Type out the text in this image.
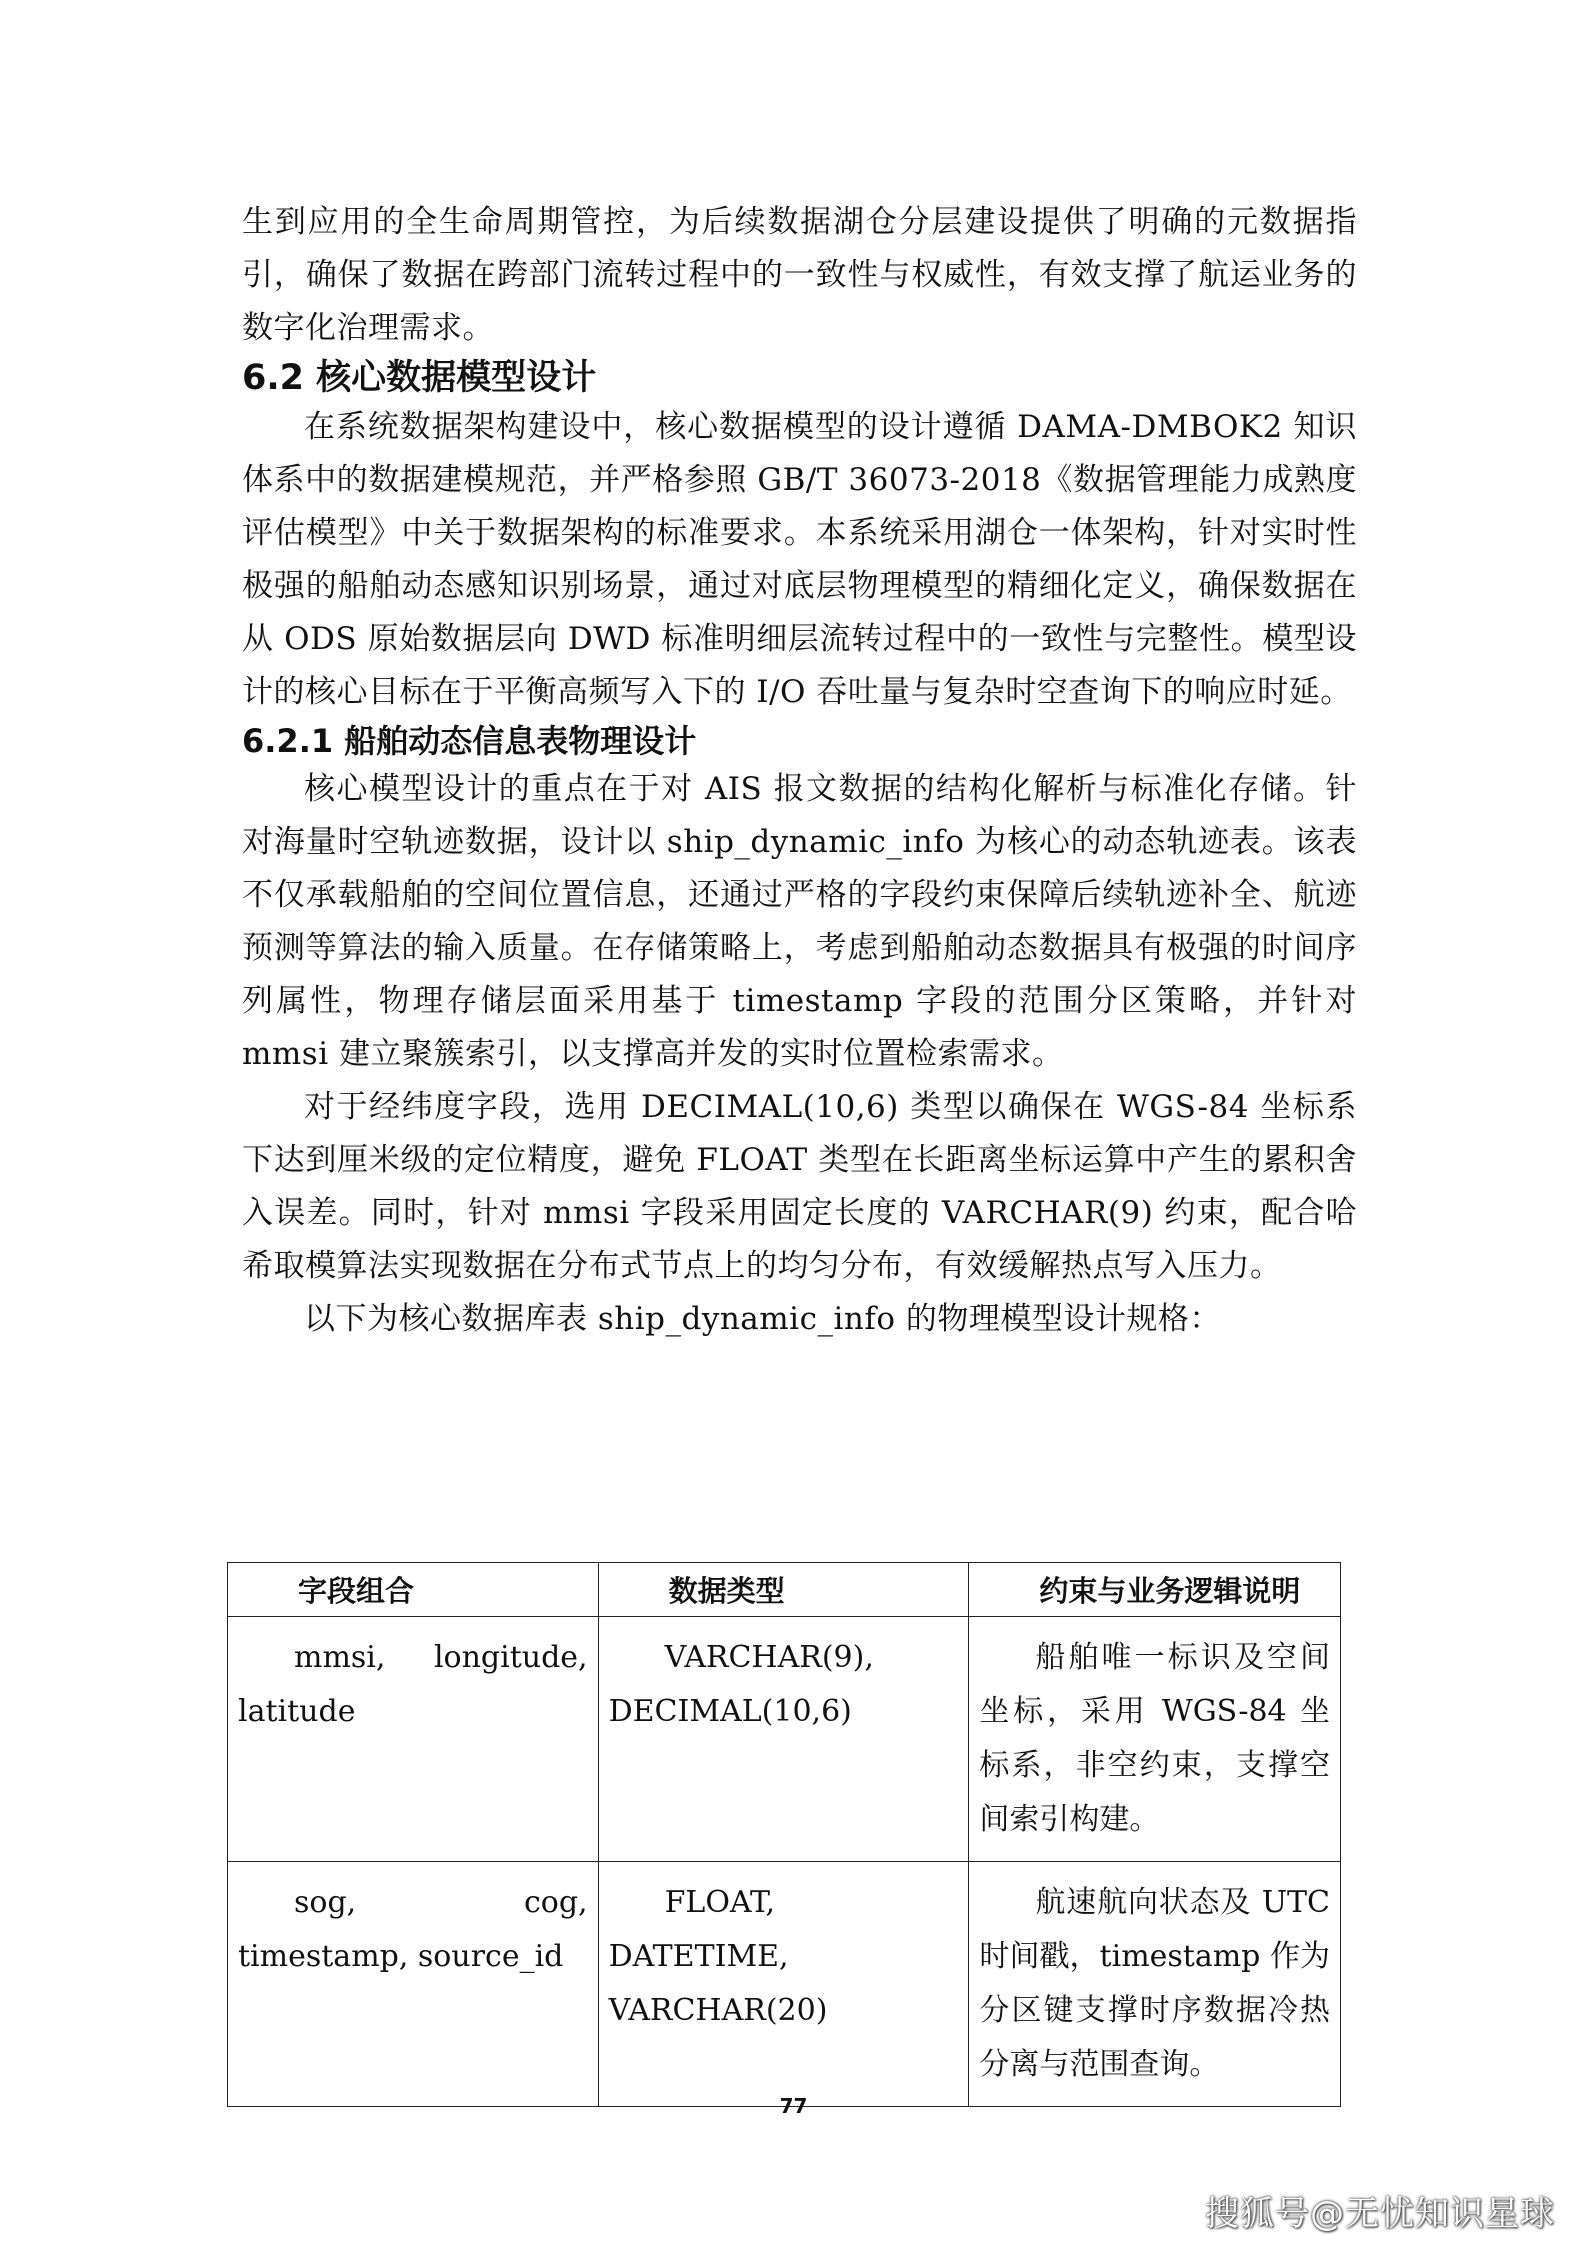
生到应用的全生命周期管控，为后续数据湖仓分层建设提供了明确的元数据指引，确保了数据在跨部门流转过程中的一致性与权威性，有效支撑了航运业务的数字化治理需求。

6.2 核心数据模型设计

在系统数据架构建设中，核心数据模型的设计遵循 DAMA-DMBOK2 知识体系中的数据建模规范，并严格参照 GB/T 36073-2018《数据管理能力成熟度评估模型》中关于数据架构的标准要求。本系统采用湖仓一体架构，针对实时性极强的船舶动态感知识别场景，通过对底层物理模型的精细化定义，确保数据在从 ODS 原始数据层向 DWD 标准明细层流转过程中的一致性与完整性。模型设计的核心目标在于平衡高频写入下的 I/O 吞吐量与复杂时空查询下的响应时延。

6.2.1 船舶动态信息表物理设计

核心模型设计的重点在于对 AIS 报文数据的结构化解析与标准化存储。针对海量时空轨迹数据，设计以 ship_dynamic_info 为核心的动态轨迹表。该表不仅承载船舶的空间位置信息，还通过严格的字段约束保障后续轨迹补全、航迹预测等算法的输入质量。在存储策略上，考虑到船舶动态数据具有极强的时间序列属性，物理存储层面采用基于 timestamp 字段的范围分区策略，并针对 mmsi 建立聚簇索引，以支撑高并发的实时位置检索需求。

对于经纬度字段，选用 DECIMAL(10,6) 类型以确保在 WGS-84 坐标系下达到厘米级的定位精度，避免 FLOAT 类型在长距离坐标运算中产生的累积舍入误差。同时，针对 mmsi 字段采用固定长度的 VARCHAR(9) 约束，配合哈希取模算法实现数据在分布式节点上的均匀分布，有效缓解热点写入压力。

以下为核心数据库表 ship_dynamic_info 的物理模型设计规格：

字段组合	数据类型	约束与业务逻辑说明

mmsi, longitude, latitude	VARCHAR(9), DECIMAL(10,6)	船舶唯一标识及空间坐标，采用 WGS-84 坐标系，非空约束，支撑空间索引构建。

sog, cog, timestamp, source_id	FLOAT, DATETIME, VARCHAR(20)	航速航向状态及 UTC 时间戳，timestamp 作为分区键支撑时序数据冷热分离与范围查询。
77
搜狐号@无忧知识星球
